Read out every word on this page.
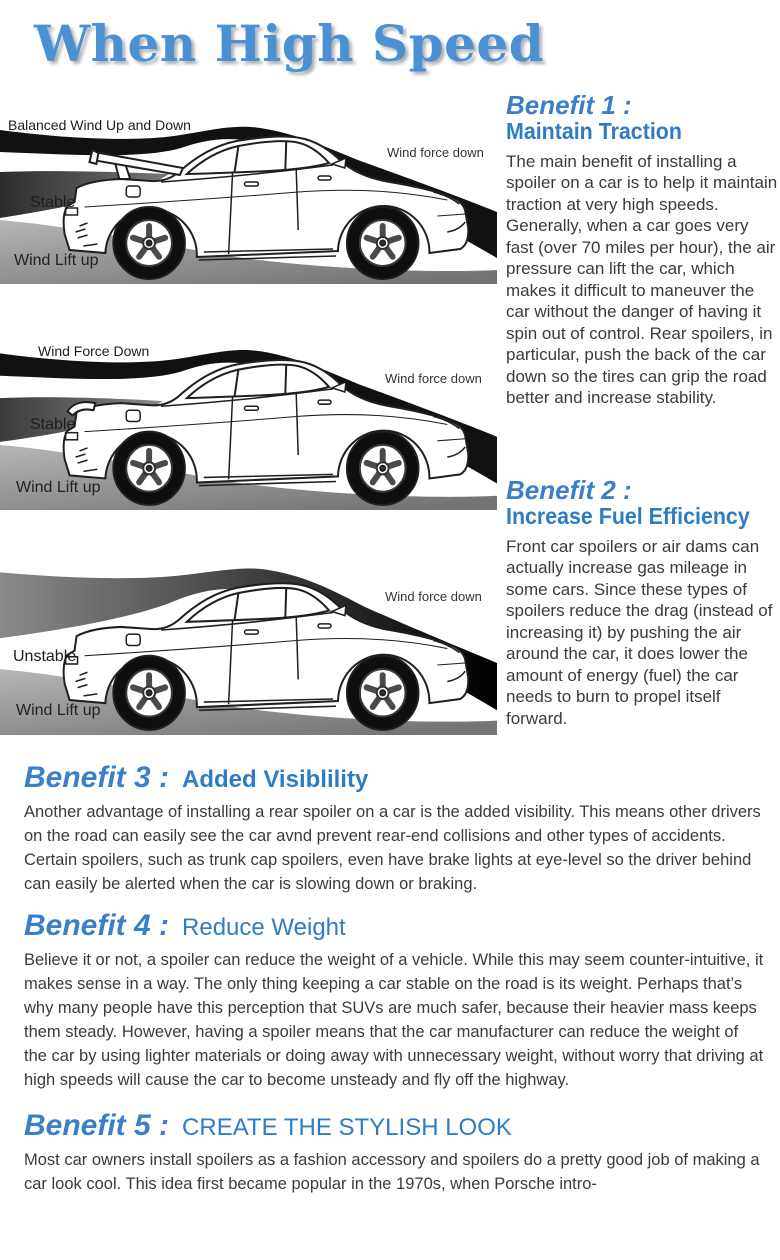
When High Speed
Balanced Wind Up and Down
Wind force down
Stable
Wind Lift up
Wind Force Down
Wind force down
Stable
Wind Lift up
Wind force down
Unstable
Wind Lift up
Benefit 1 :
Maintain Traction

The main benefit of installing a spoiler on a car is to help it maintain traction at very high speeds. Generally, when a car goes very fast (over 70 miles per hour), the air pressure can lift the car, which makes it difficult to maneuver the car without the danger of having it spin out of control. Rear spoilers, in particular, push the back of the car down so the tires can grip the road better and increase stability.

Benefit 2 :
Increase Fuel Efficiency

Front car spoilers or air dams can actually increase gas mileage in some cars. Since these types of spoilers reduce the drag (instead of increasing it) by pushing the air around the car, it does lower the amount of energy (fuel) the car needs to burn to propel itself forward.

Benefit 3 : Added Visiblility

Another advantage of installing a rear spoiler on a car is the added visibility. This means other drivers on the road can easily see the car avnd prevent rear-end collisions and other types of accidents. Certain spoilers, such as trunk cap spoilers, even have brake lights at eye-level so the driver behind can easily be alerted when the car is slowing down or braking.

Benefit 4 : Reduce Weight

Believe it or not, a spoiler can reduce the weight of a vehicle. While this may seem counter-intuitive, it makes sense in a way. The only thing keeping a car stable on the road is its weight. Perhaps that’s why many people have this perception that SUVs are much safer, because their heavier mass keeps them steady. However, having a spoiler means that the car manufacturer can reduce the weight of the car by using lighter materials or doing away with unnecessary weight, without worry that driving at high speeds will cause the car to become unsteady and fly off the highway.

Benefit 5 : CREATE THE STYLISH LOOK

Most car owners install spoilers as a fashion accessory and spoilers do a pretty good job of making a car look cool. This idea first became popular in the 1970s, when Porsche intro-
